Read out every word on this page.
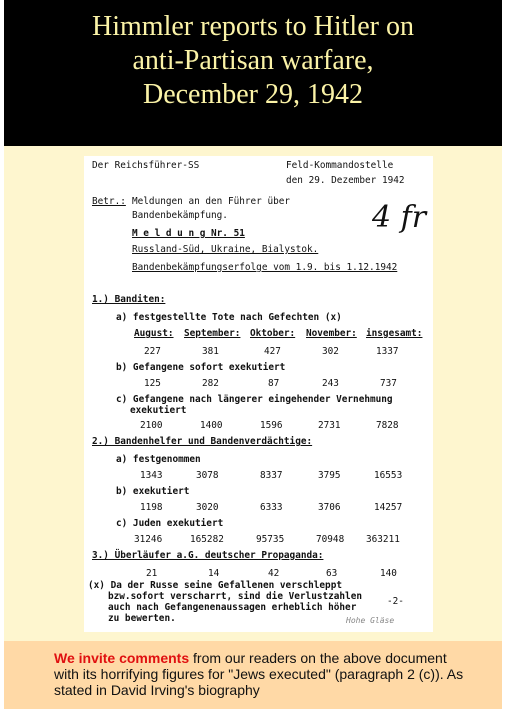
Himmler reports to Hitler on
anti-Partisan warfare,
December 29, 1942
Der Reichsführer-SS	Feld-Kommandostelle
den 29. Dezember 1942
Betr.: Meldungen an den Führer über
Bandenbekämpfung.	4 fr
M e l d u n g Nr. 51
Russland-Süd, Ukraine, Bialystok.
Bandenbekämpfungserfolge vom 1.9. bis 1.12.1942
1.) Banditen:
a) festgestellte Tote nach Gefechten (x)
August: September: Oktober: November: insgesamt:
227	381	427	302	1337
b) Gefangene sofort exekutiert
125	282	87	243	737
c) Gefangene nach längerer eingehender Vernehmung
exekutiert
2100	1400	1596	2731	7828
2.) Bandenhelfer und Bandenverdächtige:
a) festgenommen
1343	3078	8337	3795	16553
b) exekutiert
1198	3020	6333	3706	14257
c) Juden exekutiert
31246	165282	95735	70948 363211
3.) Überläufer a.G. deutscher Propaganda:
21	14	42	63	140
(x) Da der Russe seine Gefallenen verschleppt
bzw.sofort verscharrt, sind die Verlustzahlen
auch nach Gefangenenaussagen erheblich höher
zu bewerten.
-2-
Hohe Gläse

We invite comments from our readers on the above document with its horrifying figures for "Jews executed" (paragraph 2 (c)). As stated in David Irving's biography
